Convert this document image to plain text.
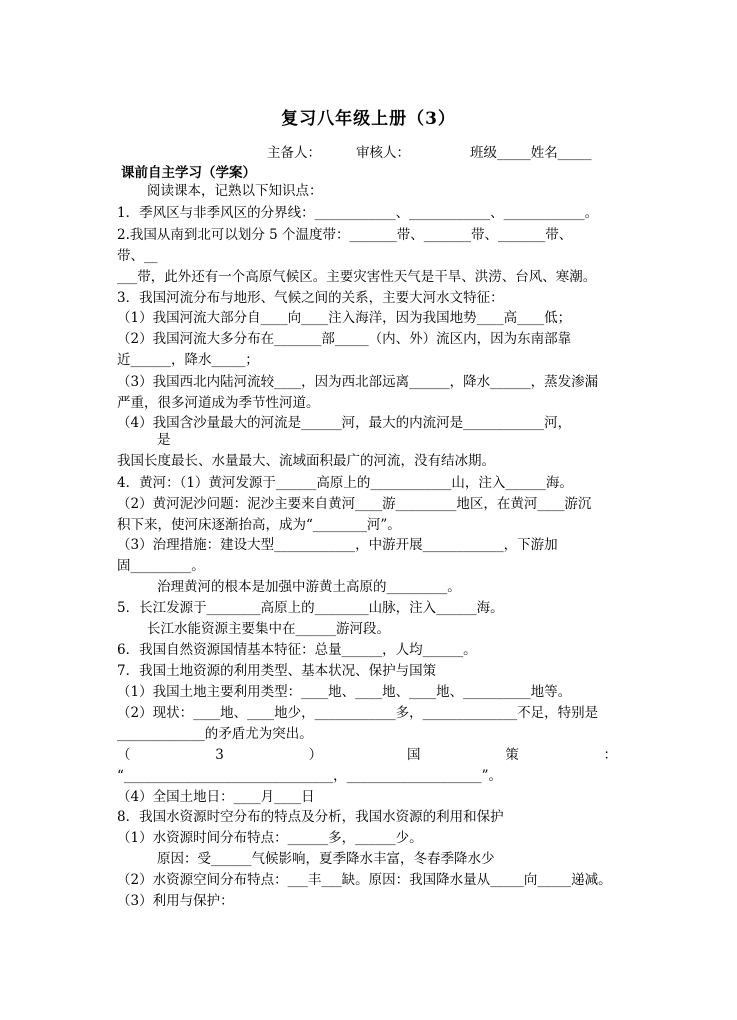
复习八年级上册（3）
主备人：	审核人：	班级_____姓名_____
课前自主学习（学案）
阅读课本，记熟以下知识点：
1．季风区与非季风区的分界线：____________、____________、____________。
2.我国从南到北可以划分 5 个温度带：_______带、_______带、_______带、
带、__
___带，此外还有一个高原气候区。主要灾害性天气是干旱、洪涝、台风、寒潮。
3．我国河流分布与地形、气候之间的关系，主要大河水文特征：
（1）我国河流大部分自____向____注入海洋，因为我国地势____高____低；
（2）我国河流大多分布在_______部_____（内、外）流区内，因为东南部靠
近______，降水_____；
（3）我国西北内陆河流较____，因为西北部远离______，降水______，蒸发渗漏
严重，很多河道成为季节性河道。
（4）我国含沙量最大的河流是______河，最大的内流河是____________河，
是
我国长度最长、水量最大、流域面积最广的河流，没有结冰期。
4．黄河：（1）黄河发源于______高原上的____________山，注入______海。
（2）黄河泥沙问题：泥沙主要来自黄河____游_________地区，在黄河____游沉
积下来，使河床逐渐抬高，成为“________河”。
（3）治理措施：建设大型____________，中游开展____________，下游加
固_________。
治理黄河的根本是加强中游黄土高原的_________。
5．长江发源于________高原上的________山脉，注入______海。
长江水能资源主要集中在______游河段。
6．我国自然资源国情基本特征：总量______，人均______。
7．我国土地资源的利用类型、基本状况、保护与国策
（1）我国土地主要利用类型：____地、____地、____地、__________地等。
（2）现状：____地、____地少，____________多，______________不足，特别是
_____________的矛盾尤为突出。
（	3	）	国	策	：
“_______________________________，____________________”。
（4）全国土地日：____月____日
8．我国水资源时空分布的特点及分析，我国水资源的利用和保护
（1）水资源时间分布特点：______多，______少。
原因：受______气候影响，夏季降水丰富，冬春季降水少
（2）水资源空间分布特点：___丰___缺。原因：我国降水量从_____向_____递减。
（3）利用与保护：
